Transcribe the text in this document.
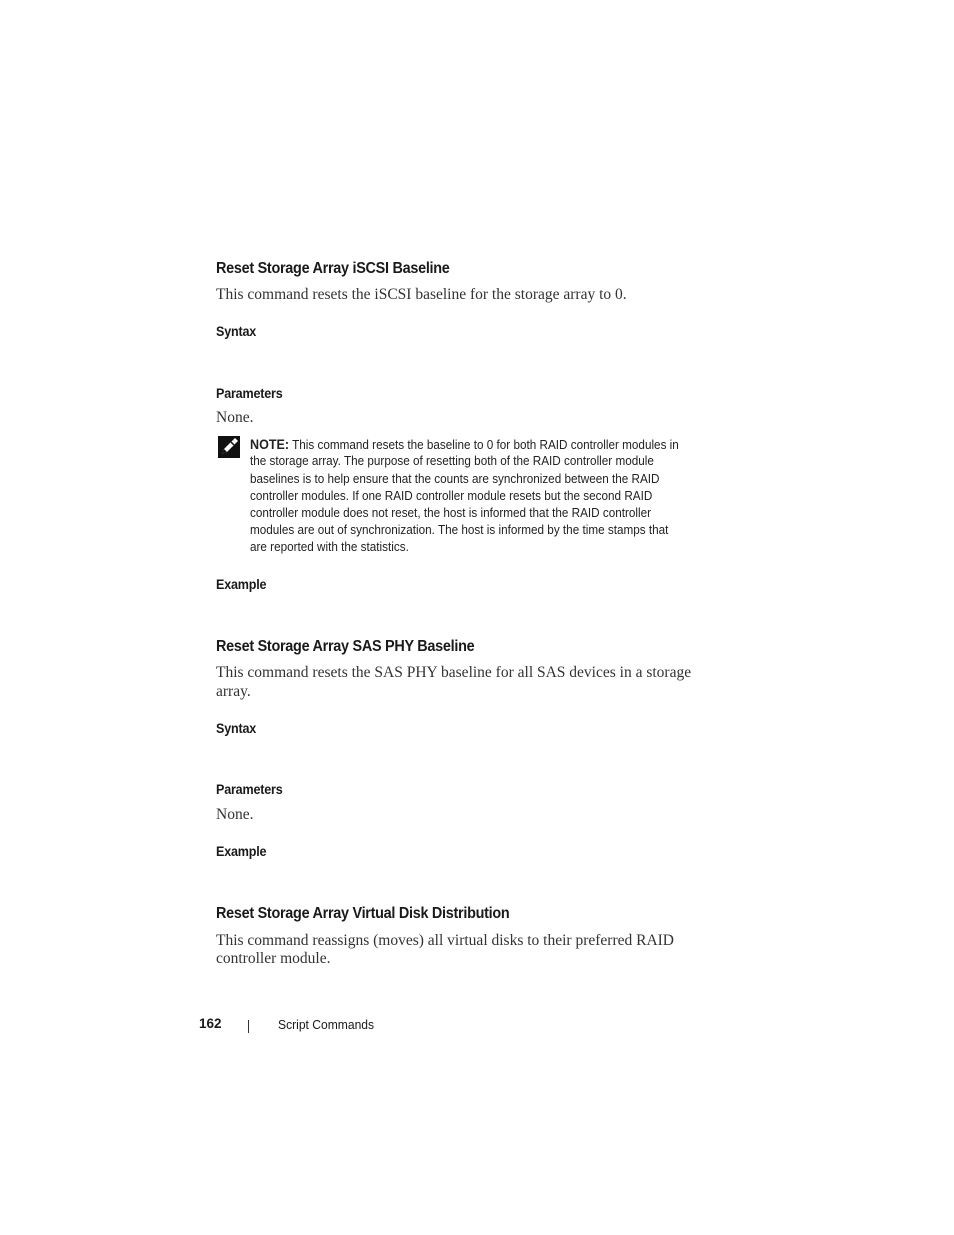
Reset Storage Array iSCSI Baseline

This command resets the iSCSI baseline for the storage array to 0.

Syntax

Parameters

None.

NOTE: This command resets the baseline to 0 for both RAID controller modules in

the storage array. The purpose of resetting both of the RAID controller module

baselines is to help ensure that the counts are synchronized between the RAID

controller modules. If one RAID controller module resets but the second RAID

controller module does not reset, the host is informed that the RAID controller

modules are out of synchronization. The host is informed by the time stamps that

are reported with the statistics.

Example

Reset Storage Array SAS PHY Baseline

This command resets the SAS PHY baseline for all SAS devices in a storage

array.

Syntax

Parameters

None.

Example

Reset Storage Array Virtual Disk Distribution

This command reassigns (moves) all virtual disks to their preferred RAID

controller module.

162	Script Commands
